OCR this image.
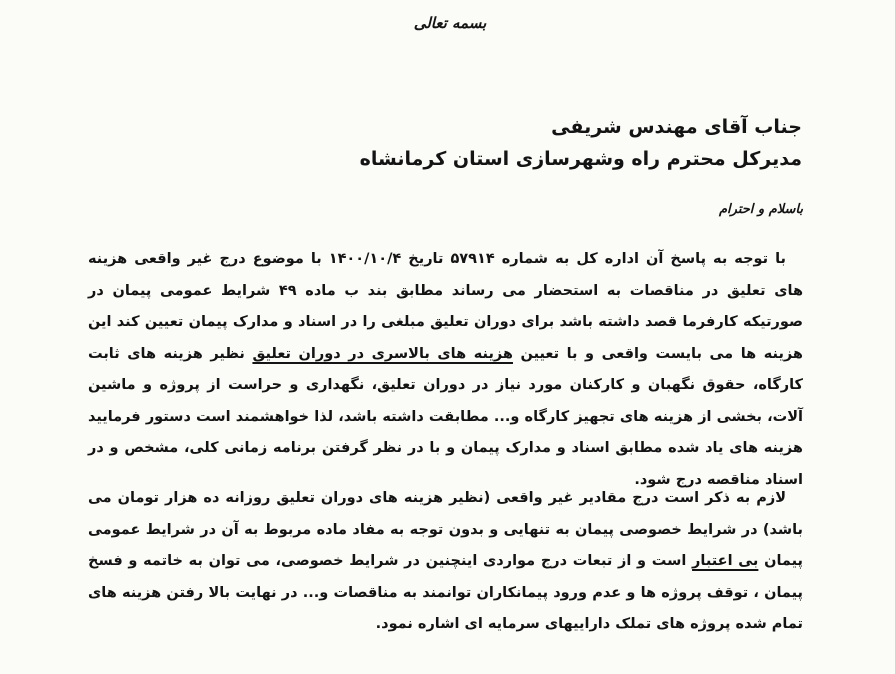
بسمه تعالی
جناب آقای مهندس شریفی
مدیرکل محترم راه وشهرسازی استان کرمانشاه
باسلام و احترام

با توجه به پاسخ آن اداره کل به شماره ۵۷۹۱۴ تاریخ ۱۴۰۰/۱۰/۴ با موضوع درج غیر واقعی هزینه های تعلیق در مناقصات به استحضار می رساند مطابق بند ب ماده ۴۹ شرایط عمومی پیمان در صورتیکه کارفرما قصد داشته باشد برای دوران تعلیق مبلغی را در اسناد و مدارک پیمان تعیین کند این هزینه ها می بایست واقعی و با تعیین هزینه های بالاسری در دوران تعلیق نظیر هزینه های ثابت کارگاه، حقوق نگهبان و کارکنان مورد نیاز در دوران تعلیق، نگهداری و حراست از پروژه و ماشین آلات، بخشی از هزینه های تجهیز کارگاه و... مطابقت داشته باشد، لذا خواهشمند است دستور فرمایید هزینه های یاد شده مطابق اسناد و مدارک پیمان و با در نظر گرفتن برنامه زمانی کلی، مشخص و در اسناد مناقصه درج شود.

لازم به ذکر است درج مقادیر غیر واقعی (نظیر هزینه های دوران تعلیق روزانه ده هزار تومان می باشد) در شرایط خصوصی پیمان به تنهایی و بدون توجه به مفاد ماده مربوط به آن در شرایط عمومی پیمان بی اعتبار است و از تبعات درج مواردی اینچنین در شرایط خصوصی، می توان به خاتمه و فسخ پیمان ، توقف پروژه ها و عدم ورود پیمانکاران توانمند به مناقصات و... در نهایت بالا رفتن هزینه های تمام شده پروژه های تملک داراییهای سرمایه ای اشاره نمود.
